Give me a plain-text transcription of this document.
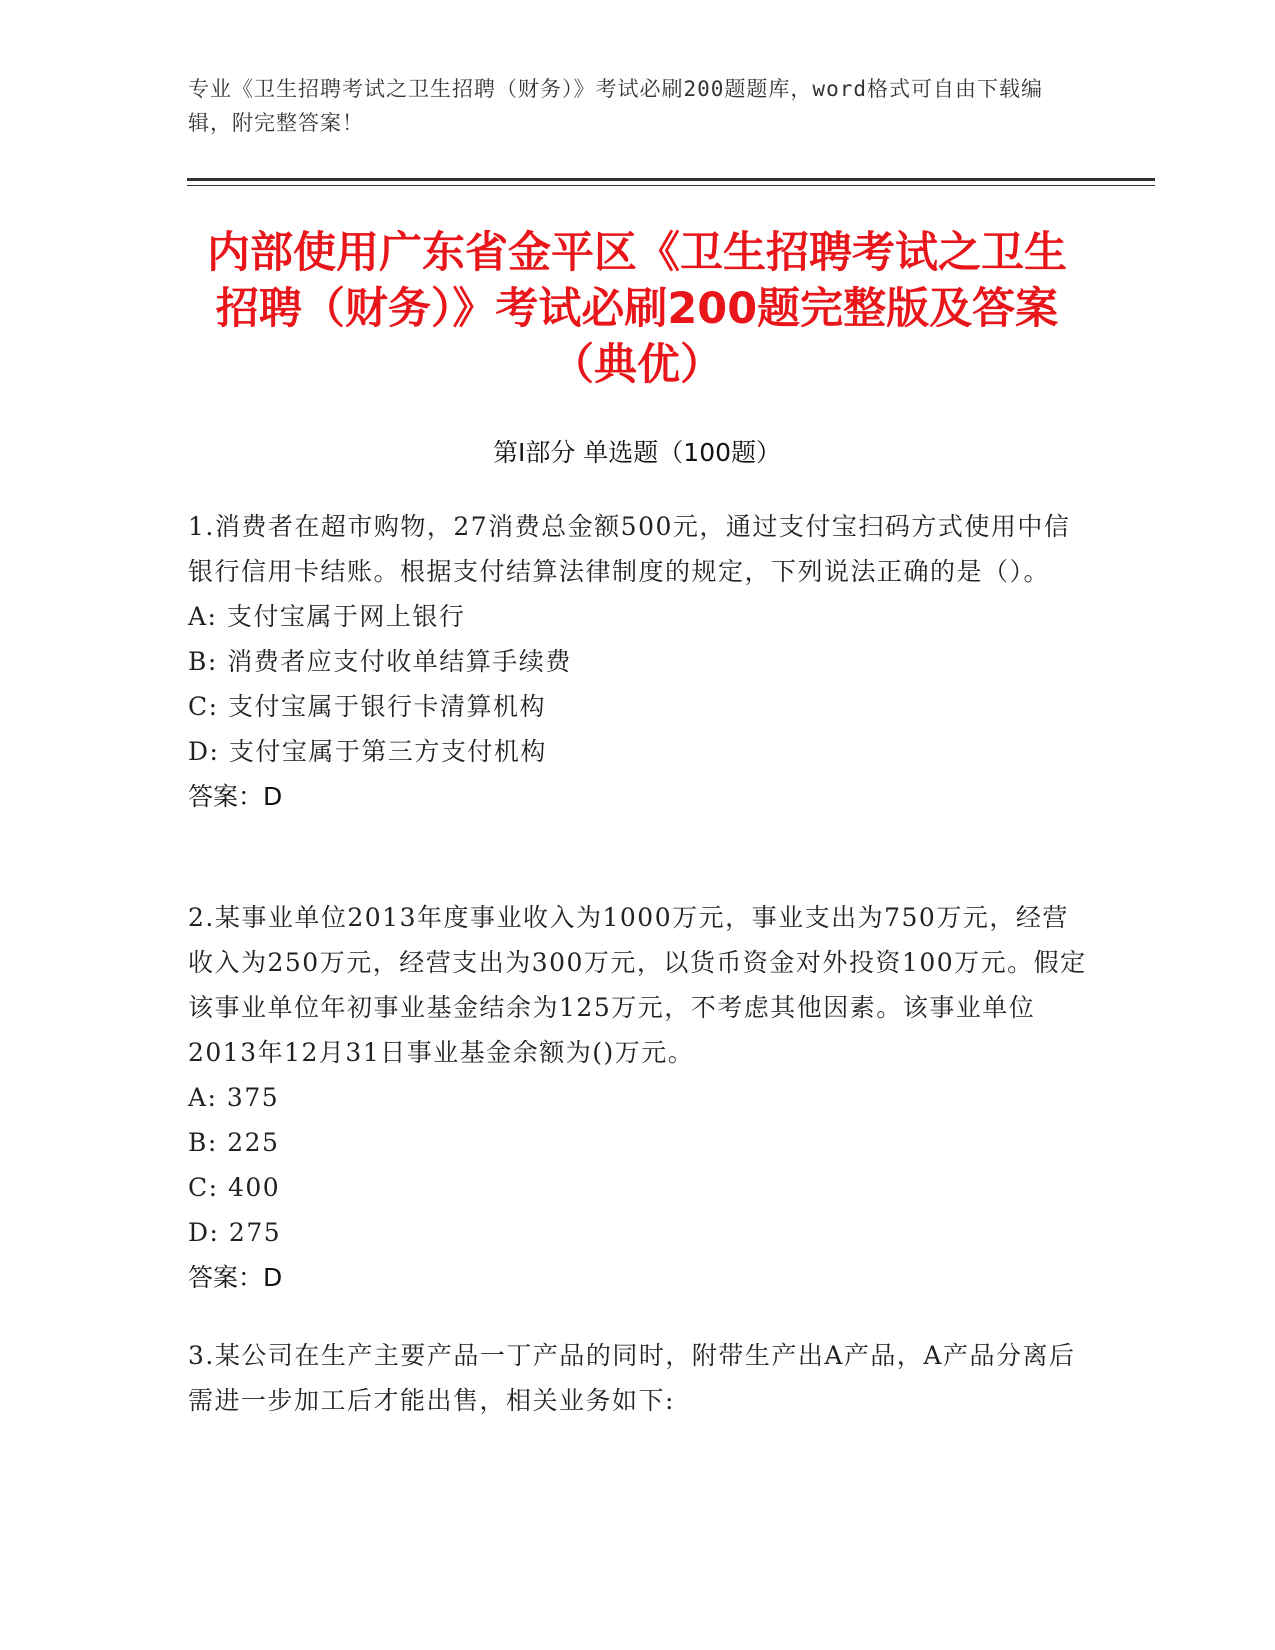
专业《卫生招聘考试之卫生招聘（财务）》考试必刷200题题库，word格式可自由下载编辑，附完整答案！
内部使用广东省金平区《卫生招聘考试之卫生招聘（财务）》考试必刷200题完整版及答案（典优）
第Ⅰ部分 单选题（100题）
1.消费者在超市购物，27消费总金额500元，通过支付宝扫码方式使用中信银行信用卡结账。根据支付结算法律制度的规定，下列说法正确的是（）。
A: 支付宝属于网上银行
B: 消费者应支付收单结算手续费
C: 支付宝属于银行卡清算机构
D: 支付宝属于第三方支付机构
答案：D
2.某事业单位2013年度事业收入为1000万元，事业支出为750万元，经营收入为250万元，经营支出为300万元，以货币资金对外投资100万元。假定该事业单位年初事业基金结余为125万元，不考虑其他因素。该事业单位2013年12月31日事业基金余额为()万元。
A: 375
B: 225
C: 400
D: 275
答案：D
3.某公司在生产主要产品一丁产品的同时，附带生产出A产品，A产品分离后需进一步加工后才能出售，相关业务如下:
